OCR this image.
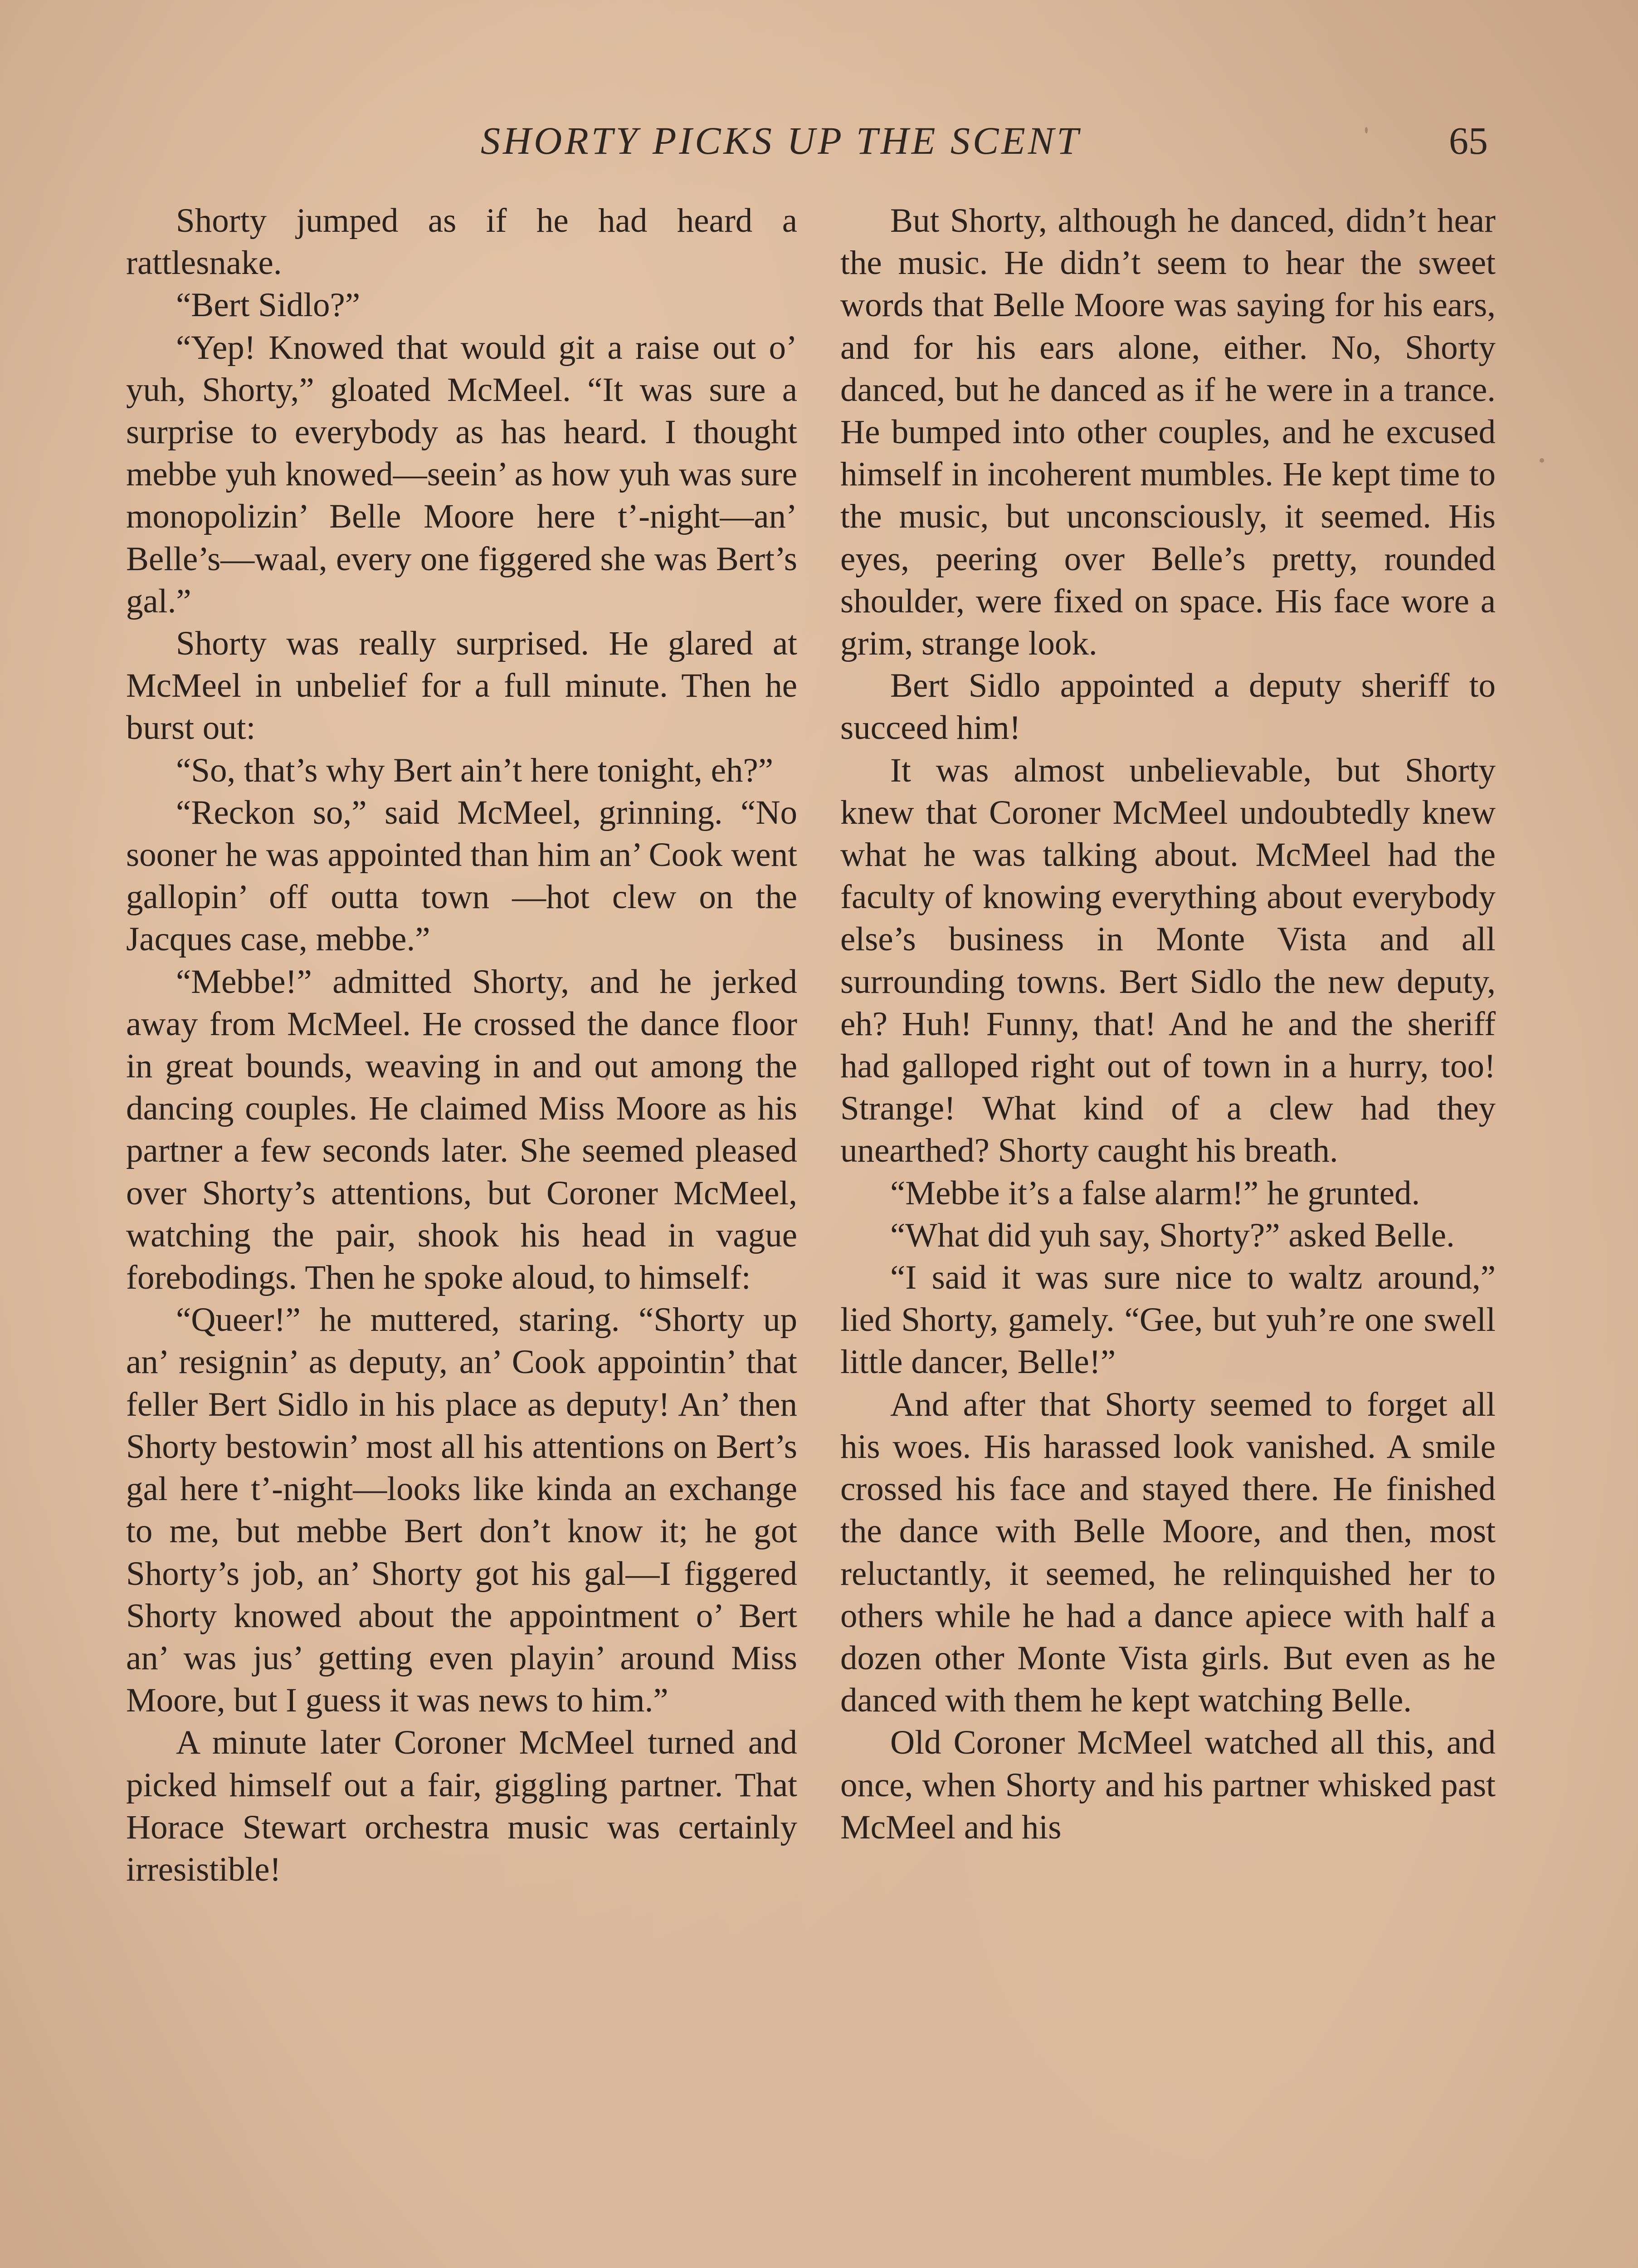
SHORTY PICKS UP THE SCENT	65

Shorty jumped as if he had heard a rattlesnake.

“Bert Sidlo?”

“Yep! Knowed that would git a raise out o’ yuh, Shorty,” gloated McMeel. “It was sure a surprise to everybody as has heard. I thought mebbe yuh knowed—seein’ as how yuh was sure monopolizin’ Belle Moore here t’-night—an’ Belle’s—waal, every one figgered she was Bert’s gal.”

Shorty was really surprised. He glared at McMeel in unbelief for a full minute. Then he burst out:

“So, that’s why Bert ain’t here tonight, eh?”

“Reckon so,” said McMeel, grinning. “No sooner he was appointed than him an’ Cook went gallopin’ off outta town —hot clew on the Jacques case, mebbe.”

“Mebbe!” admitted Shorty, and he jerked away from McMeel. He crossed the dance floor in great bounds, weaving in and out among the dancing couples. He claimed Miss Moore as his partner a few seconds later. She seemed pleased over Shorty’s attentions, but Coroner McMeel, watching the pair, shook his head in vague forebodings. Then he spoke aloud, to himself:

“Queer!” he muttered, staring. “Shorty up an’ resignin’ as deputy, an’ Cook appointin’ that feller Bert Sidlo in his place as deputy! An’ then Shorty bestowin’ most all his attentions on Bert’s gal here t’-night—looks like kinda an exchange to me, but mebbe Bert don’t know it; he got Shorty’s job, an’ Shorty got his gal—I figgered Shorty knowed about the appointment o’ Bert an’ was jus’ getting even playin’ around Miss Moore, but I guess it was news to him.”

A minute later Coroner McMeel turned and picked himself out a fair, giggling partner. That Horace Stewart orchestra music was certainly irresistible!

But Shorty, although he danced, didn’t hear the music. He didn’t seem to hear the sweet words that Belle Moore was saying for his ears, and for his ears alone, either. No, Shorty danced, but he danced as if he were in a trance. He bumped into other couples, and he excused himself in incoherent mumbles. He kept time to the music, but unconsciously, it seemed. His eyes, peering over Belle’s pretty, rounded shoulder, were fixed on space. His face wore a grim, strange look.

Bert Sidlo appointed a deputy sheriff to succeed him!

It was almost unbelievable, but Shorty knew that Coroner McMeel undoubtedly knew what he was talking about. McMeel had the faculty of knowing everything about everybody else’s business in Monte Vista and all surrounding towns. Bert Sidlo the new deputy, eh? Huh! Funny, that! And he and the sheriff had galloped right out of town in a hurry, too! Strange! What kind of a clew had they unearthed? Shorty caught his breath.

“Mebbe it’s a false alarm!” he grunted.

“What did yuh say, Shorty?” asked Belle.

“I said it was sure nice to waltz around,” lied Shorty, gamely. “Gee, but yuh’re one swell little dancer, Belle!”

And after that Shorty seemed to forget all his woes. His harassed look vanished. A smile crossed his face and stayed there. He finished the dance with Belle Moore, and then, most reluctantly, it seemed, he relinquished her to others while he had a dance apiece with half a dozen other Monte Vista girls. But even as he danced with them he kept watching Belle.

Old Coroner McMeel watched all this, and once, when Shorty and his partner whisked past McMeel and his
